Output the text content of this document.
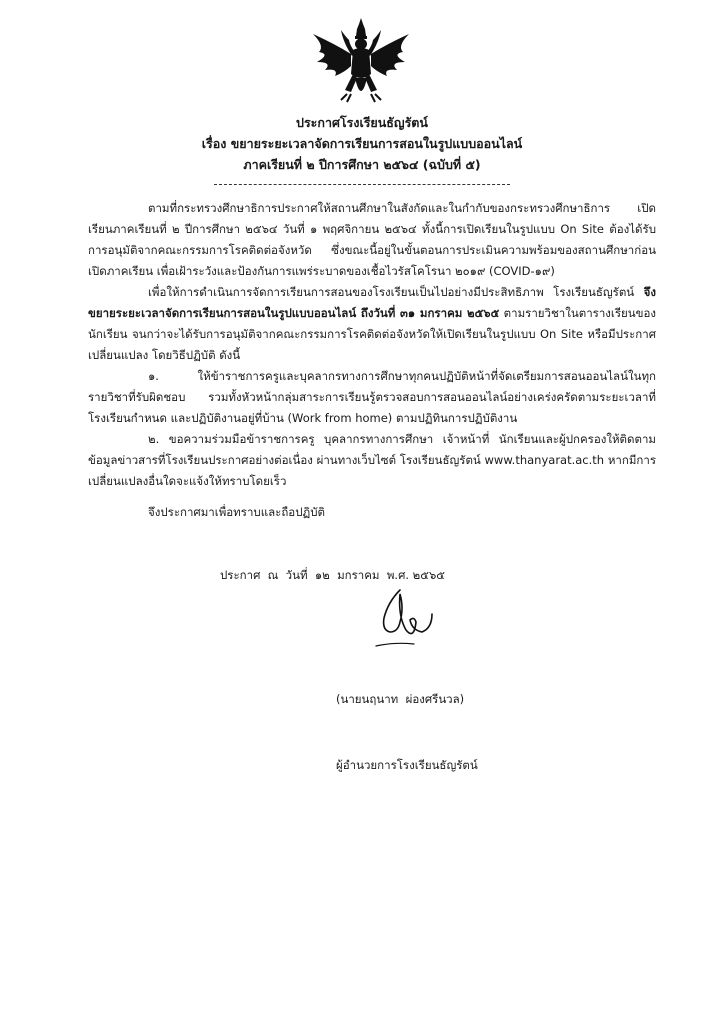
ประกาศโรงเรียนธัญรัตน์
เรื่อง ขยายระยะเวลาจัดการเรียนการสอนในรูปแบบออนไลน์
ภาคเรียนที่ ๒ ปีการศึกษา ๒๕๖๔ (ฉบับที่ ๕)

ตามที่กระทรวงศึกษาธิการประกาศให้สถานศึกษาในสังกัดและในกำกับของกระทรวงศึกษาธิการ เปิดเรียนภาคเรียนที่ ๒ ปีการศึกษา ๒๕๖๔ วันที่ ๑ พฤศจิกายน ๒๕๖๔ ทั้งนี้การเปิดเรียนในรูปแบบ On Site ต้องได้รับการอนุมัติจากคณะกรรมการโรคติดต่อจังหวัด ซึ่งขณะนี้อยู่ในขั้นตอนการประเมินความพร้อมของสถานศึกษาก่อนเปิดภาคเรียน เพื่อเฝ้าระวังและป้องกันการแพร่ระบาดของเชื้อไวรัสโคโรนา ๒๐๑๙ (COVID-๑๙)

เพื่อให้การดำเนินการจัดการเรียนการสอนของโรงเรียนเป็นไปอย่างมีประสิทธิภาพ โรงเรียนธัญรัตน์ จึงขยายระยะเวลาจัดการเรียนการสอนในรูปแบบออนไลน์ ถึงวันที่ ๓๑ มกราคม ๒๕๖๕ ตามรายวิชาในตารางเรียนของนักเรียน จนกว่าจะได้รับการอนุมัติจากคณะกรรมการโรคติดต่อจังหวัดให้เปิดเรียนในรูปแบบ On Site หรือมีประกาศเปลี่ยนแปลง โดยวิธีปฏิบัติ ดังนี้

๑. ให้ข้าราชการครูและบุคลากรทางการศึกษาทุกคนปฏิบัติหน้าที่จัดเตรียมการสอนออนไลน์ในทุกรายวิชาที่รับผิดชอบ รวมทั้งหัวหน้ากลุ่มสาระการเรียนรู้ตรวจสอบการสอนออนไลน์อย่างเคร่งครัดตามระยะเวลาที่โรงเรียนกำหนด และปฏิบัติงานอยู่ที่บ้าน (Work from home) ตามปฏิทินการปฏิบัติงาน

๒. ขอความร่วมมือข้าราชการครู บุคลากรทางการศึกษา เจ้าหน้าที่ นักเรียนและผู้ปกครองให้ติดตามข้อมูลข่าวสารที่โรงเรียนประกาศอย่างต่อเนื่อง ผ่านทางเว็บไซต์ โรงเรียนธัญรัตน์ www.thanyarat.ac.th หากมีการเปลี่ยนแปลงอื่นใดจะแจ้งให้ทราบโดยเร็ว

จึงประกาศมาเพื่อทราบและถือปฏิบัติ

ประกาศ  ณ  วันที่  ๑๒  มกราคม  พ.ศ. ๒๕๖๕

(นายนฤนาท  ผ่องศรีนวล)

ผู้อำนวยการโรงเรียนธัญรัตน์
